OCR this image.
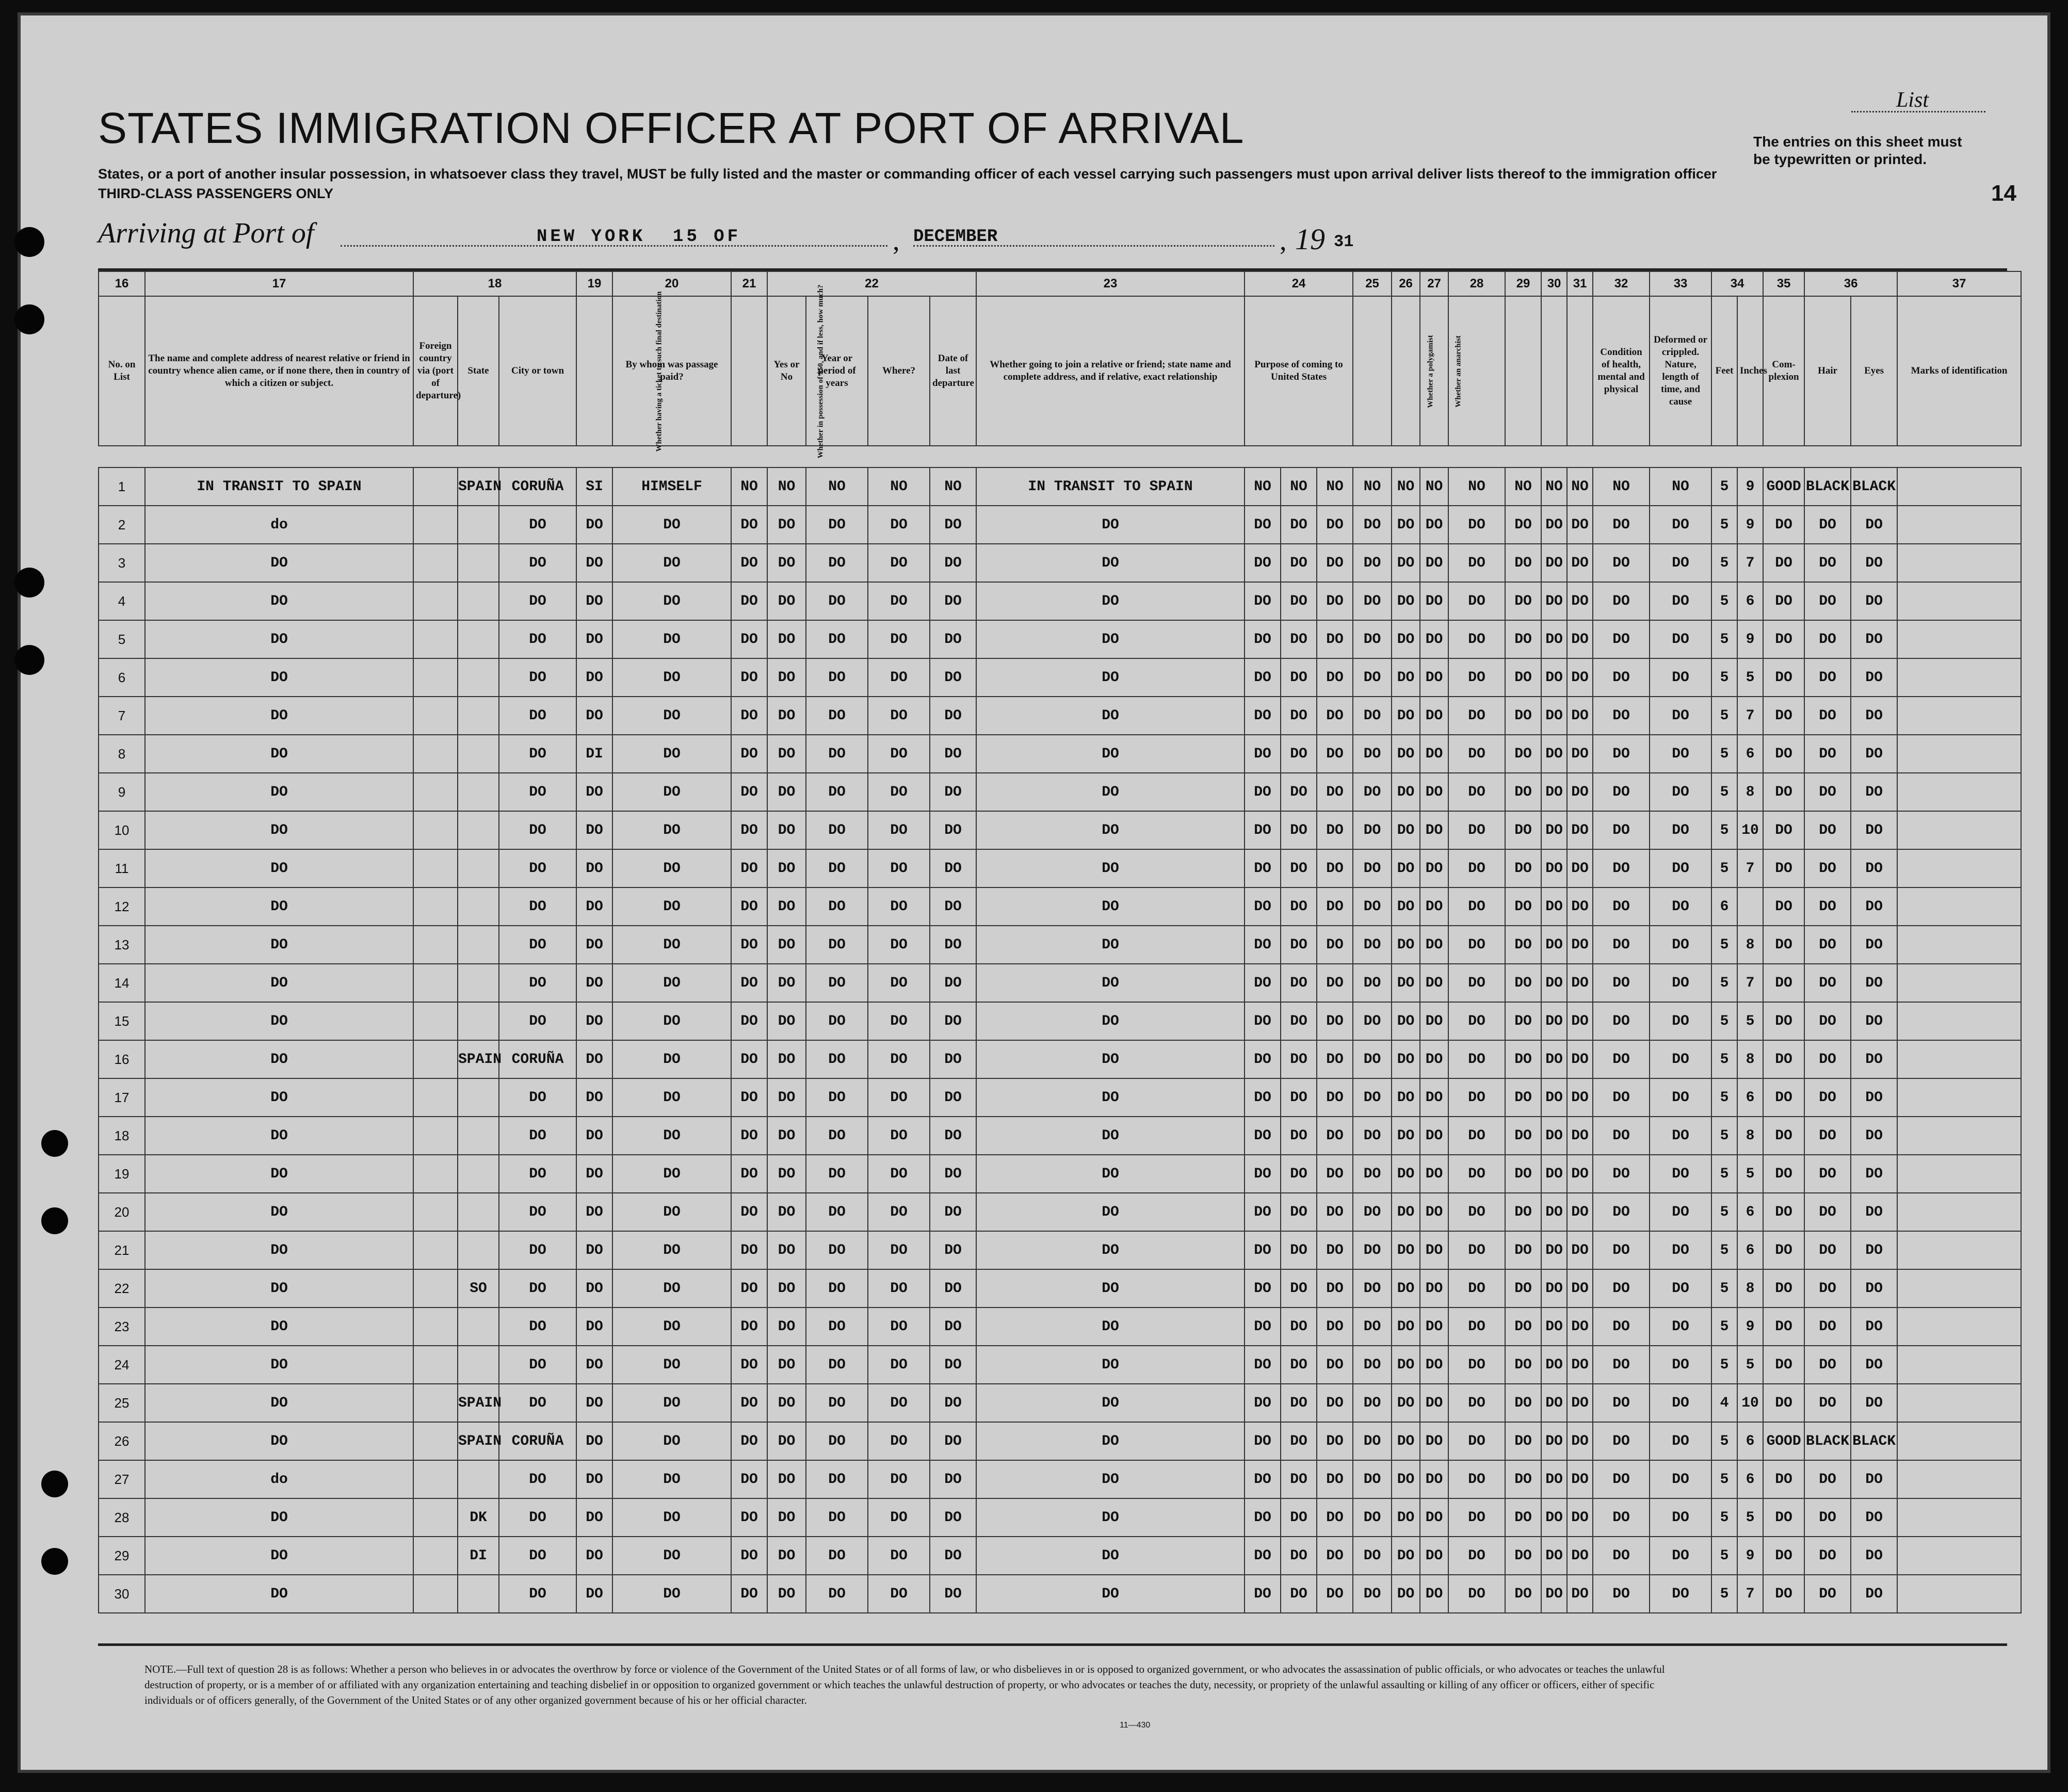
STATES IMMIGRATION OFFICER AT PORT OF ARRIVAL
States, or a port of another insular possession, in whatsoever class they travel, MUST be fully listed and the master or commanding officer of each vessel carrying such passengers must upon arrival deliver lists thereof to the immigration officer
THIRD-CLASS PASSENGERS ONLY
List
The entries on this sheet must be typewritten or printed.
14
Arriving at Port of	NEW YORK 15 OF	, DECEMBER	, 19 31
16	17	18			19	20	21	22				23	24			25	26	27	28	29	30	31	32	33	34		35	36		37
No. on List	The name and complete address of nearest relative or friend in country whence alien came, or if none there, then in country of which a citizen or subject.	Foreign country via (port of departure)	State	City or town	Whether having a ticket to such final destination	By whom was passage paid?	Whether in possession of $50, and if less, how much?	Yes or No	Year or period of years	Where?	Date of last departure	Whether going to join a relative or friend; state name and complete address, and if relative, exact relationship	Purpose of coming to United States				Whether a polygamist	Whether an anarchist					Condition of health, mental and physical	Deformed or crippled. Nature, length of time, and cause	Feet	Inches	Com- plexion	Hair	Eyes	Marks of identification

1	IN TRANSIT TO SPAIN		SPAIN	CORUÑA	SI	HIMSELF	NO	NO	NO	NO	NO	IN TRANSIT TO SPAIN	NO	NO	NO	NO	NO	NO	NO	NO	NO	NO	NO	NO	5	9	GOOD	BLACK	BLACK	
2	do			DO	DO	DO	DO	DO	DO	DO	DO	DO	DO	DO	DO	DO	DO	DO	DO	DO	DO	DO	DO	DO	5	9	DO	DO	DO	
3	DO			DO	DO	DO	DO	DO	DO	DO	DO	DO	DO	DO	DO	DO	DO	DO	DO	DO	DO	DO	DO	DO	5	7	DO	DO	DO	
4	DO			DO	DO	DO	DO	DO	DO	DO	DO	DO	DO	DO	DO	DO	DO	DO	DO	DO	DO	DO	DO	DO	5	6	DO	DO	DO	
5	DO			DO	DO	DO	DO	DO	DO	DO	DO	DO	DO	DO	DO	DO	DO	DO	DO	DO	DO	DO	DO	DO	5	9	DO	DO	DO	
6	DO			DO	DO	DO	DO	DO	DO	DO	DO	DO	DO	DO	DO	DO	DO	DO	DO	DO	DO	DO	DO	DO	5	5	DO	DO	DO	
7	DO			DO	DO	DO	DO	DO	DO	DO	DO	DO	DO	DO	DO	DO	DO	DO	DO	DO	DO	DO	DO	DO	5	7	DO	DO	DO	
8	DO			DO	DI	DO	DO	DO	DO	DO	DO	DO	DO	DO	DO	DO	DO	DO	DO	DO	DO	DO	DO	DO	5	6	DO	DO	DO	
9	DO			DO	DO	DO	DO	DO	DO	DO	DO	DO	DO	DO	DO	DO	DO	DO	DO	DO	DO	DO	DO	DO	5	8	DO	DO	DO	
10	DO			DO	DO	DO	DO	DO	DO	DO	DO	DO	DO	DO	DO	DO	DO	DO	DO	DO	DO	DO	DO	DO	5	10	DO	DO	DO	
11	DO			DO	DO	DO	DO	DO	DO	DO	DO	DO	DO	DO	DO	DO	DO	DO	DO	DO	DO	DO	DO	DO	5	7	DO	DO	DO	
12	DO			DO	DO	DO	DO	DO	DO	DO	DO	DO	DO	DO	DO	DO	DO	DO	DO	DO	DO	DO	DO	DO	6		DO	DO	DO	
13	DO			DO	DO	DO	DO	DO	DO	DO	DO	DO	DO	DO	DO	DO	DO	DO	DO	DO	DO	DO	DO	DO	5	8	DO	DO	DO	
14	DO			DO	DO	DO	DO	DO	DO	DO	DO	DO	DO	DO	DO	DO	DO	DO	DO	DO	DO	DO	DO	DO	5	7	DO	DO	DO	
15	DO			DO	DO	DO	DO	DO	DO	DO	DO	DO	DO	DO	DO	DO	DO	DO	DO	DO	DO	DO	DO	DO	5	5	DO	DO	DO	
16	DO		SPAIN	CORUÑA	DO	DO	DO	DO	DO	DO	DO	DO	DO	DO	DO	DO	DO	DO	DO	DO	DO	DO	DO	DO	5	8	DO	DO	DO	
17	DO			DO	DO	DO	DO	DO	DO	DO	DO	DO	DO	DO	DO	DO	DO	DO	DO	DO	DO	DO	DO	DO	5	6	DO	DO	DO	
18	DO			DO	DO	DO	DO	DO	DO	DO	DO	DO	DO	DO	DO	DO	DO	DO	DO	DO	DO	DO	DO	DO	5	8	DO	DO	DO	
19	DO			DO	DO	DO	DO	DO	DO	DO	DO	DO	DO	DO	DO	DO	DO	DO	DO	DO	DO	DO	DO	DO	5	5	DO	DO	DO	
20	DO			DO	DO	DO	DO	DO	DO	DO	DO	DO	DO	DO	DO	DO	DO	DO	DO	DO	DO	DO	DO	DO	5	6	DO	DO	DO	
21	DO			DO	DO	DO	DO	DO	DO	DO	DO	DO	DO	DO	DO	DO	DO	DO	DO	DO	DO	DO	DO	DO	5	6	DO	DO	DO	
22	DO		SO	DO	DO	DO	DO	DO	DO	DO	DO	DO	DO	DO	DO	DO	DO	DO	DO	DO	DO	DO	DO	DO	5	8	DO	DO	DO	
23	DO			DO	DO	DO	DO	DO	DO	DO	DO	DO	DO	DO	DO	DO	DO	DO	DO	DO	DO	DO	DO	DO	5	9	DO	DO	DO	
24	DO			DO	DO	DO	DO	DO	DO	DO	DO	DO	DO	DO	DO	DO	DO	DO	DO	DO	DO	DO	DO	DO	5	5	DO	DO	DO	
25	DO		SPAIN	DO	DO	DO	DO	DO	DO	DO	DO	DO	DO	DO	DO	DO	DO	DO	DO	DO	DO	DO	DO	DO	4	10	DO	DO	DO	
26	DO		SPAIN	CORUÑA	DO	DO	DO	DO	DO	DO	DO	DO	DO	DO	DO	DO	DO	DO	DO	DO	DO	DO	DO	DO	5	6	GOOD	BLACK	BLACK	
27	do			DO	DO	DO	DO	DO	DO	DO	DO	DO	DO	DO	DO	DO	DO	DO	DO	DO	DO	DO	DO	DO	5	6	DO	DO	DO	
28	DO		DK	DO	DO	DO	DO	DO	DO	DO	DO	DO	DO	DO	DO	DO	DO	DO	DO	DO	DO	DO	DO	DO	5	5	DO	DO	DO	
29	DO		DI	DO	DO	DO	DO	DO	DO	DO	DO	DO	DO	DO	DO	DO	DO	DO	DO	DO	DO	DO	DO	DO	5	9	DO	DO	DO	
30	DO			DO	DO	DO	DO	DO	DO	DO	DO	DO	DO	DO	DO	DO	DO	DO	DO	DO	DO	DO	DO	DO	5	7	DO	DO	DO	
NOTE.—Full text of question 28 is as follows: Whether a person who believes in or advocates the overthrow by force or violence of the Government of the United States or of all forms of law, or who disbelieves in or is opposed to organized government, or who advocates the assassination of public officials, or who advocates or teaches the unlawful destruction of property, or is a member of or affiliated with any organization entertaining and teaching disbelief in or opposition to organized government or which teaches the unlawful destruction of property, or who advocates or teaches the duty, necessity, or propriety of the unlawful assaulting or killing of any officer or officers, either of specific individuals or of officers generally, of the Government of the United States or of any other organized government because of his or her official character.
11—430
